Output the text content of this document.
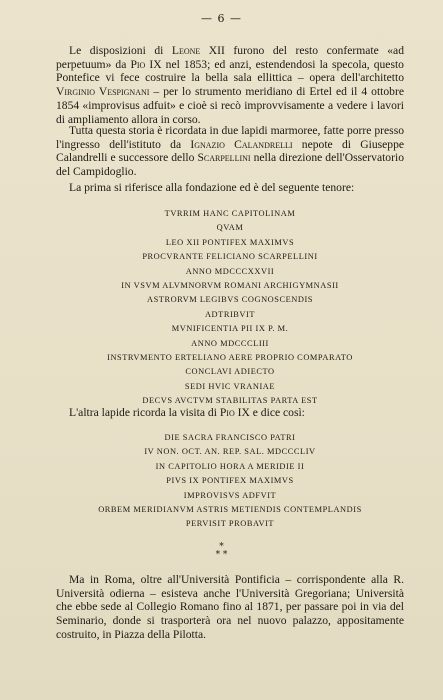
— 6 —

Le disposizioni di Leone XII furono del resto confermate «ad perpetuum» da Pio IX nel 1853; ed anzi, estendendosi la specola, questo Pontefice vi fece costruire la bella sala ellittica – opera dell'architetto Virginio Vespignani – per lo strumento meridiano di Ertel ed il 4 ottobre 1854 «improvisus adfuit» e cioè si recò improvvisamente a vedere i lavori di ampliamento allora in corso.

Tutta questa storia è ricordata in due lapidi marmoree, fatte porre presso l'ingresso dell'istituto da Ignazio Calandrelli nepote di Giuseppe Calandrelli e successore dello Scarpellini nella direzione dell'Osservatorio del Campidoglio.

La prima si riferisce alla fondazione ed è del seguente tenore:

TVRRIM HANC CAPITOLINAM
QVAM
LEO XII PONTIFEX MAXIMVS
PROCVRANTE FELICIANO SCARPELLINI
ANNO MDCCCXXVII
IN VSVM ALVMNORVM ROMANI ARCHIGYMNASII
ASTRORVM LEGIBVS COGNOSCENDIS
ADTRIBVIT
MVNIFICENTIA PII IX P. M.
ANNO MDCCCLIII
INSTRVMENTO ERTELIANO AERE PROPRIO COMPARATO
CONCLAVI ADIECTO
SEDI HVIC VRANIAE
DECVS AVCTVM STABILITAS PARTA EST

L'altra lapide ricorda la visita di Pio IX e dice così:

DIE SACRA FRANCISCO PATRI
IV NON. OCT. AN. REP. SAL. MDCCCLIV
IN CAPITOLIO HORA A MERIDIE II
PIVS IX PONTIFEX MAXIMVS
IMPROVISVS ADFVIT
ORBEM MERIDIANVM ASTRIS METIENDIS CONTEMPLANDIS
PERVISIT PROBAVIT
*
* *

Ma in Roma, oltre all'Università Pontificia – corrispondente alla R. Università odierna – esisteva anche l'Università Gregoriana; Università che ebbe sede al Collegio Romano fino al 1871, per passare poi in via del Seminario, donde si trasporterà ora nel nuovo palazzo, appositamente costruito, in Piazza della Pilotta.
